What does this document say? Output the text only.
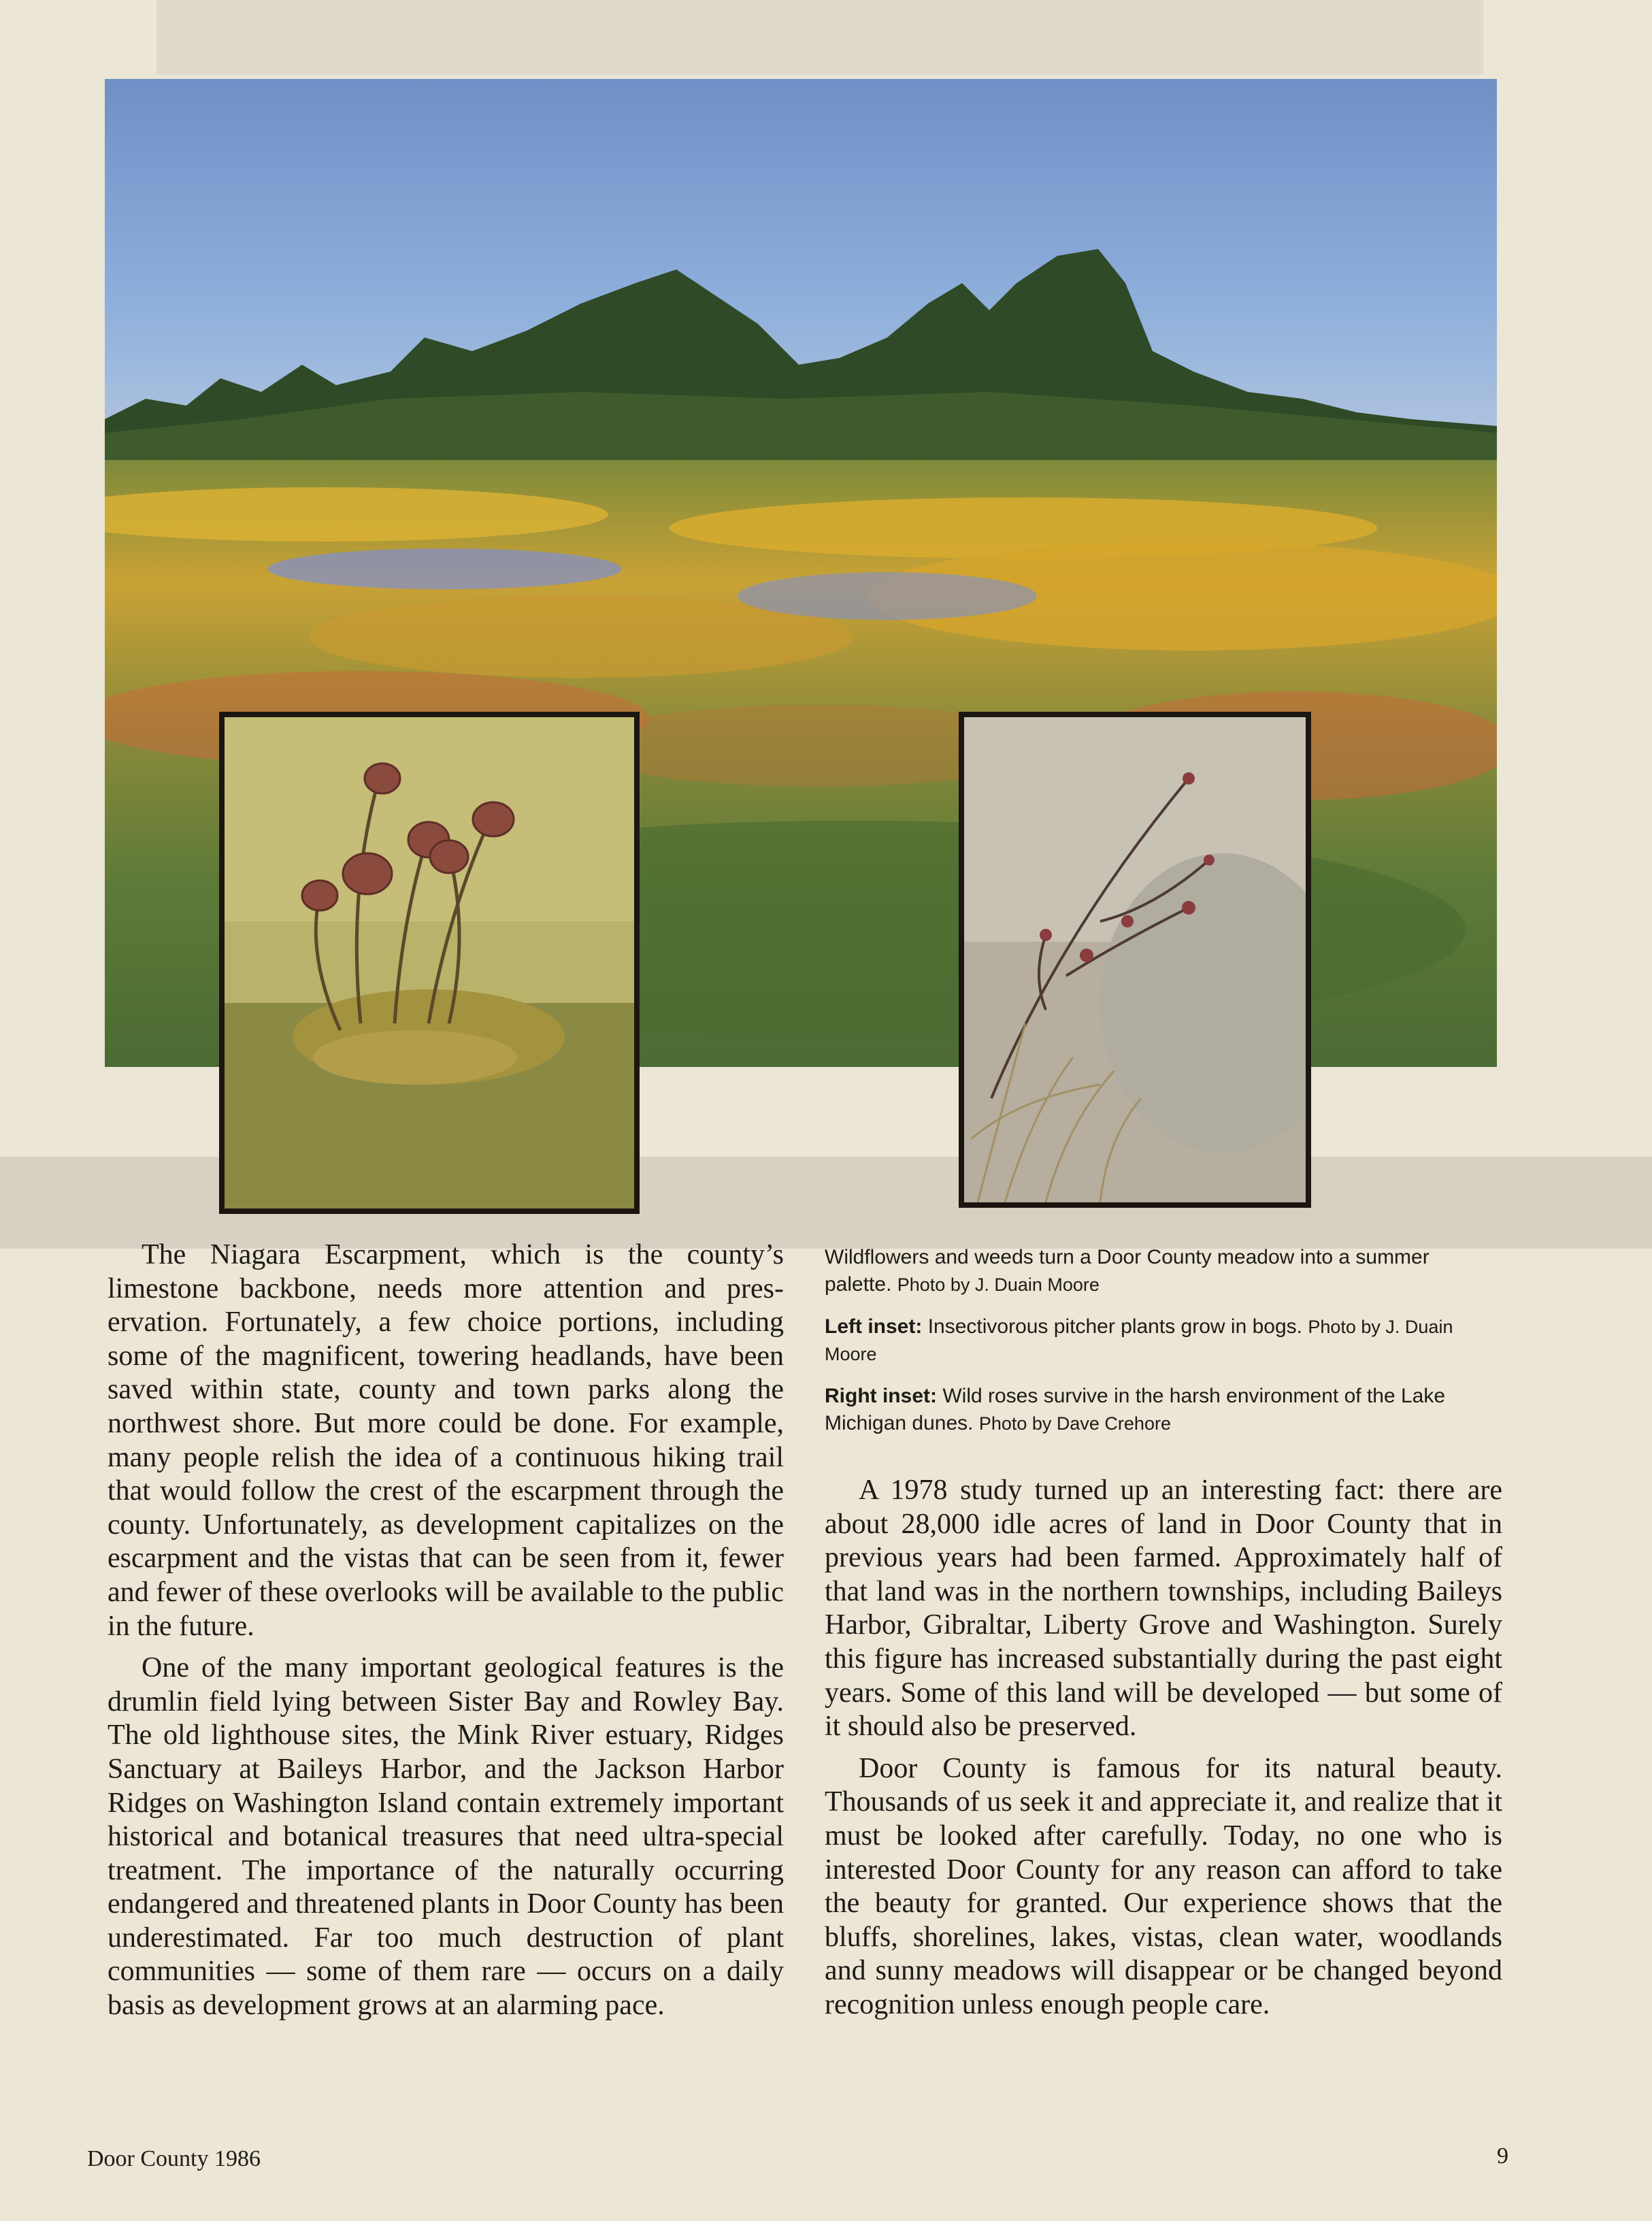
The Niagara Escarpment, which is the county’s limestone backbone, needs more attention and preservation. Fortunately, a few choice portions, including some of the magnificent, towering headlands, have been saved within state, county and town parks along the northwest shore. But more could be done. For example, many people relish the idea of a continuous hiking trail that would follow the crest of the escarpment through the county. Unfortunately, as development capitalizes on the escarpment and the vistas that can be seen from it, fewer and fewer of these overlooks will be available to the public in the future.

One of the many important geological features is the drumlin field lying between Sister Bay and Rowley Bay. The old lighthouse sites, the Mink River estuary, Ridges Sanctuary at Baileys Harbor, and the Jackson Harbor Ridges on Washington Island contain extremely important historical and botanical treasures that need ultra-special treatment. The importance of the naturally occurring endangered and threatened plants in Door County has been underestimated. Far too much destruction of plant communities — some of them rare — occurs on a daily basis as development grows at an alarming pace.

Wildflowers and weeds turn a Door County meadow into a summer palette. Photo by J. Duain Moore

Left inset: Insectivorous pitcher plants grow in bogs. Photo by J. Duain Moore

Right inset: Wild roses survive in the harsh environment of the Lake Michigan dunes. Photo by Dave Crehore

A 1978 study turned up an interesting fact: there are about 28,000 idle acres of land in Door County that in previous years had been farmed. Approximately half of that land was in the northern townships, including Baileys Harbor, Gibraltar, Liberty Grove and Washington. Surely this figure has increased substantially during the past eight years. Some of this land will be developed — but some of it should also be preserved.

Door County is famous for its natural beauty. Thousands of us seek it and appreciate it, and realize that it must be looked after carefully. Today, no one who is interested Door County for any reason can afford to take the beauty for granted. Our experience shows that the bluffs, shorelines, lakes, vistas, clean water, woodlands and sunny meadows will disappear or be changed beyond recognition unless enough people care.

Door County 1986	9
